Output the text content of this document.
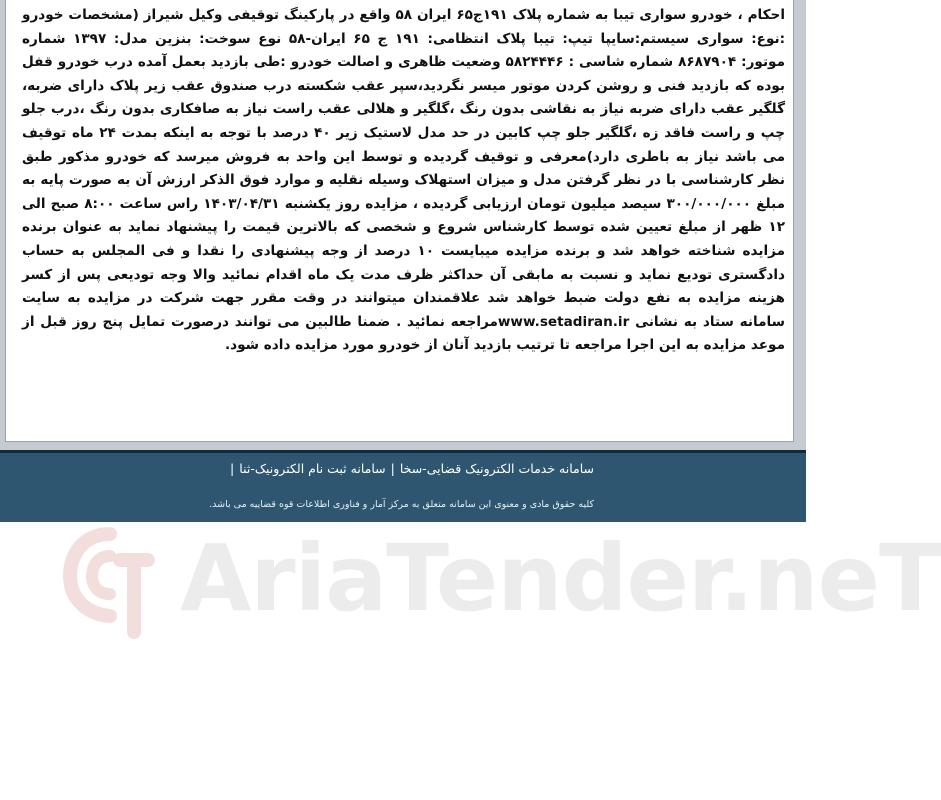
احکام ، خودرو سواری تیبا به شماره پلاک ۱۹۱ج۶۵ ایران ۵۸ واقع در پارکینگ توقیفی وکیل شیراز (مشخصات خودرو :نوع: سواری سیستم:سایپا تیپ: تیبا پلاک انتظامی: ۱۹۱ ج ۶۵ ایران-۵۸ نوع سوخت: بنزین مدل: ۱۳۹۷ شماره موتور: ۸۶۸۷۹۰۴ شماره شاسی : ۵۸۲۴۴۴۶ وضعیت ظاهری و اصالت خودرو :طی بازدید بعمل آمده درب خودرو قفل بوده که بازدید فنی و روشن کردن موتور میسر نگردید،سپر عقب شکسته درب صندوق عقب زیر پلاک دارای ضربه، گلگیر عقب دارای ضربه نیاز به نقاشی بدون رنگ ،گلگیر و هلالی عقب راست نیاز به صافکاری بدون رنگ ،درب جلو چپ و راست فاقد زه ،گلگیر جلو چپ کابین در حد مدل لاستیک زیر ۴۰ درصد با توجه به اینکه بمدت ۲۴ ماه توقیف می باشد نیاز به باطری دارد)معرفی و توقیف گردیده و توسط این واحد به فروش میرسد که خودرو مذکور طبق نظر کارشناسی با در نظر گرفتن مدل و میزان استهلاک وسیله نقلیه و موارد فوق الذکر ارزش آن به صورت پایه به مبلغ ۳۰۰/۰۰۰/۰۰۰ سیصد میلیون تومان ارزیابی گردیده ، مزایده روز یکشنبه ۱۴۰۳/۰۴/۳۱ راس ساعت ۸:۰۰ صبح الی ۱۲ ظهر از مبلغ تعیین شده توسط کارشناس شروع و شخصی که بالاترین قیمت را پیشنهاد نماید به عنوان برنده مزایده شناخته خواهد شد و برنده مزایده میبایست ۱۰ درصد از وجه پیشنهادی را نقدا و فی المجلس به حساب دادگستری تودیع نماید و نسبت به مابقی آن حداکثر ظرف مدت یک ماه اقدام نمائید والا وجه تودیعی پس از کسر هزینه مزایده به نفع دولت ضبط خواهد شد علاقمندان میتوانند در وقت مقرر جهت شرکت در مزایده به سایت سامانه ستاد به نشانی www.setadiran.irمراجعه نمائید . ضمنا طالبین می توانند درصورت تمایل پنج روز قبل از موعد مزایده به این اجرا مراجعه تا ترتیب بازدید آنان از خودرو مورد مزایده داده شود.
سامانه خدمات الکترونیک قضایی-سخا|سامانه ثبت نام الکترونیک-ثنا|
کلیه حقوق مادی و معنوی این سامانه متعلق به مرکز آمار و فناوری اطلاعات قوه قضاییه می باشد.
AriaTender.neT
